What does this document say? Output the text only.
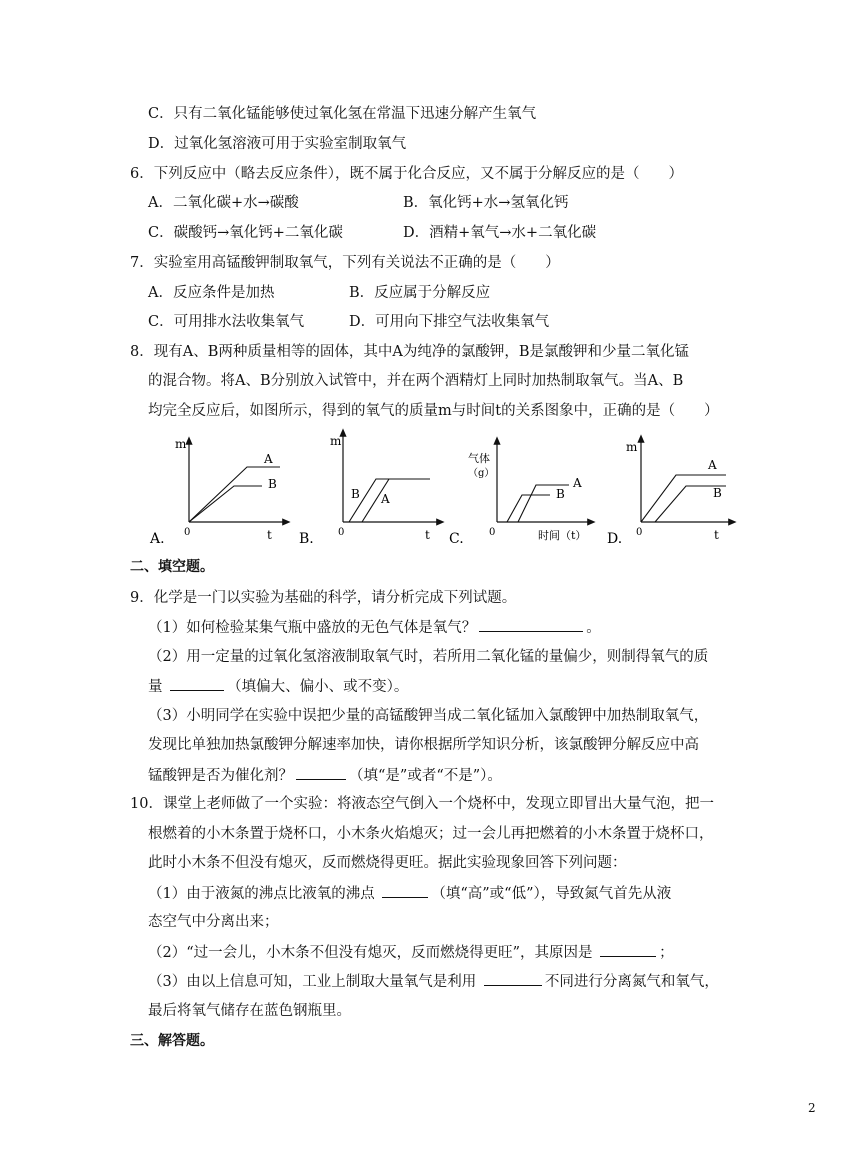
C．只有二氧化锰能够使过氧化氢在常温下迅速分解产生氧气
D．过氧化氢溶液可用于实验室制取氧气
6．下列反应中（略去反应条件），既不属于化合反应，又不属于分解反应的是（　　）
A．二氧化碳+水→碳酸	B．氧化钙+水→氢氧化钙
C．碳酸钙→氧化钙+二氧化碳	D．酒精+氧气→水+二氧化碳
7．实验室用高锰酸钾制取氧气，下列有关说法不正确的是（　　）
A．反应条件是加热	B．反应属于分解反应
C．可用排水法收集氧气	D．可用向下排空气法收集氧气
8．现有A、B两种质量相等的固体，其中A为纯净的氯酸钾，B是氯酸钾和少量二氧化锰
的混合物。将A、B分别放入试管中，并在两个酒精灯上同时加热制取氧气。当A、B
均完全反应后，如图所示，得到的氧气的质量m与时间t的关系图象中，正确的是（　　）
m
0	t
A
B
A.
m
0	t
B A
B.
气体
（g）
0	时间（t）
A
B
C.
m
0	t
A
B
D.
二、填空题。
9．化学是一门以实验为基础的科学，请分析完成下列试题。
（1）如何检验某集气瓶中盛放的无色气体是氧气？	。
（2）用一定量的过氧化氢溶液制取氧气时，若所用二氧化锰的量偏少，则制得氧气的质
量	（填偏大、偏小、或不变）。
（3）小明同学在实验中误把少量的高锰酸钾当成二氧化锰加入氯酸钾中加热制取氧气，
发现比单独加热氯酸钾分解速率加快，请你根据所学知识分析，该氯酸钾分解反应中高
锰酸钾是否为催化剂？	（填“是”或者“不是”）。
10．课堂上老师做了一个实验：将液态空气倒入一个烧杯中，发现立即冒出大量气泡，把一
根燃着的小木条置于烧杯口，小木条火焰熄灭；过一会儿再把燃着的小木条置于烧杯口，
此时小木条不但没有熄灭，反而燃烧得更旺。据此实验现象回答下列问题：
（1）由于液氮的沸点比液氧的沸点	（填“高”或“低”），导致氮气首先从液
态空气中分离出来；
（2）“过一会儿，小木条不但没有熄灭，反而燃烧得更旺”，其原因是	；
（3）由以上信息可知，工业上制取大量氧气是利用	不同进行分离氮气和氧气，
最后将氧气储存在蓝色钢瓶里。
三、解答题。
2
